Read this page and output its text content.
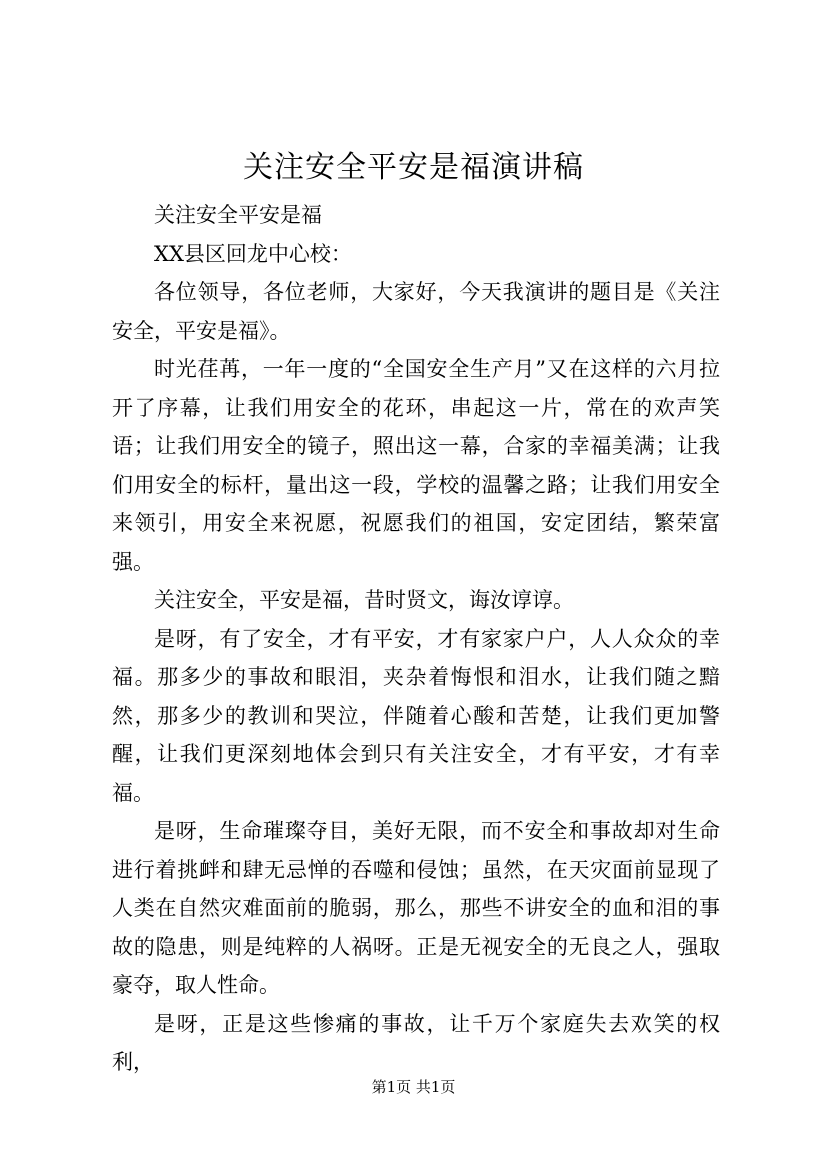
关注安全平安是福演讲稿

关注安全平安是福

XX县区回龙中心校：

各位领导，各位老师，大家好，今天我演讲的题目是《关注安全，平安是福》。

时光荏苒，一年一度的“全国安全生产月”又在这样的六月拉开了序幕，让我们用安全的花环，串起这一片，常在的欢声笑语；让我们用安全的镜子，照出这一幕，合家的幸福美满；让我们用安全的标杆，量出这一段，学校的温馨之路；让我们用安全来领引，用安全来祝愿，祝愿我们的祖国，安定团结，繁荣富强。

关注安全，平安是福，昔时贤文，诲汝谆谆。

是呀，有了安全，才有平安，才有家家户户，人人众众的幸福。那多少的事故和眼泪，夹杂着悔恨和泪水，让我们随之黯然，那多少的教训和哭泣，伴随着心酸和苦楚，让我们更加警醒，让我们更深刻地体会到只有关注安全，才有平安，才有幸福。

是呀，生命璀璨夺目，美好无限，而不安全和事故却对生命进行着挑衅和肆无忌惮的吞噬和侵蚀；虽然，在天灾面前显现了人类在自然灾难面前的脆弱，那么，那些不讲安全的血和泪的事故的隐患，则是纯粹的人祸呀。正是无视安全的无良之人，强取豪夺，取人性命。

是呀，正是这些惨痛的事故，让千万个家庭失去欢笑的权利，

第1页 共1页
